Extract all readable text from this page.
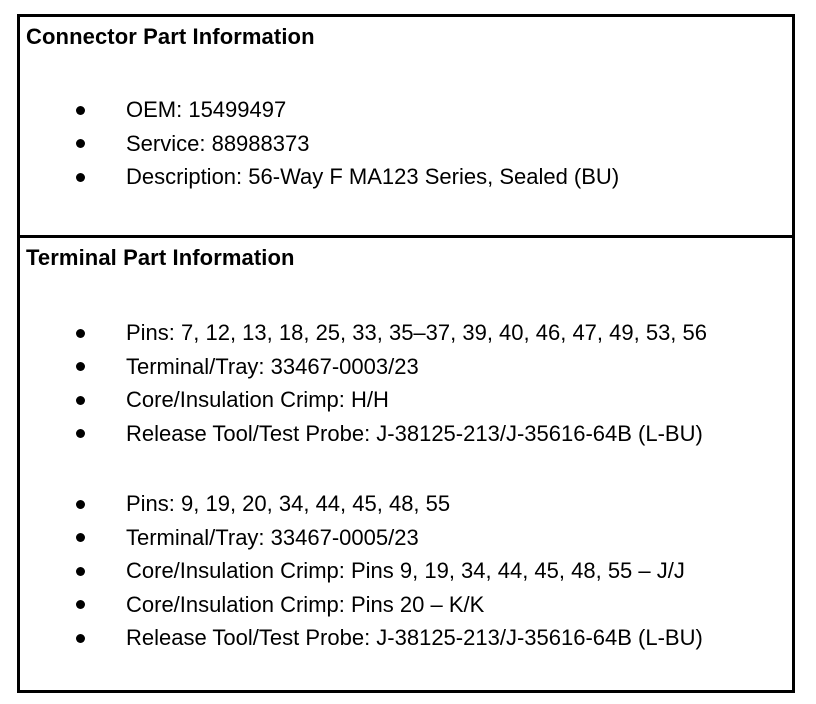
Connector Part Information
OEM: 15499497
Service: 88988373
Description: 56-Way F MA123 Series, Sealed (BU)
Terminal Part Information
Pins: 7, 12, 13, 18, 25, 33, 35–37, 39, 40, 46, 47, 49, 53, 56
Terminal/Tray: 33467-0003/23
Core/Insulation Crimp: H/H
Release Tool/Test Probe: J-38125-213/J-35616-64B (L-BU)
Pins: 9, 19, 20, 34, 44, 45, 48, 55
Terminal/Tray: 33467-0005/23
Core/Insulation Crimp: Pins 9, 19, 34, 44, 45, 48, 55 – J/J
Core/Insulation Crimp: Pins 20 – K/K
Release Tool/Test Probe: J-38125-213/J-35616-64B (L-BU)
